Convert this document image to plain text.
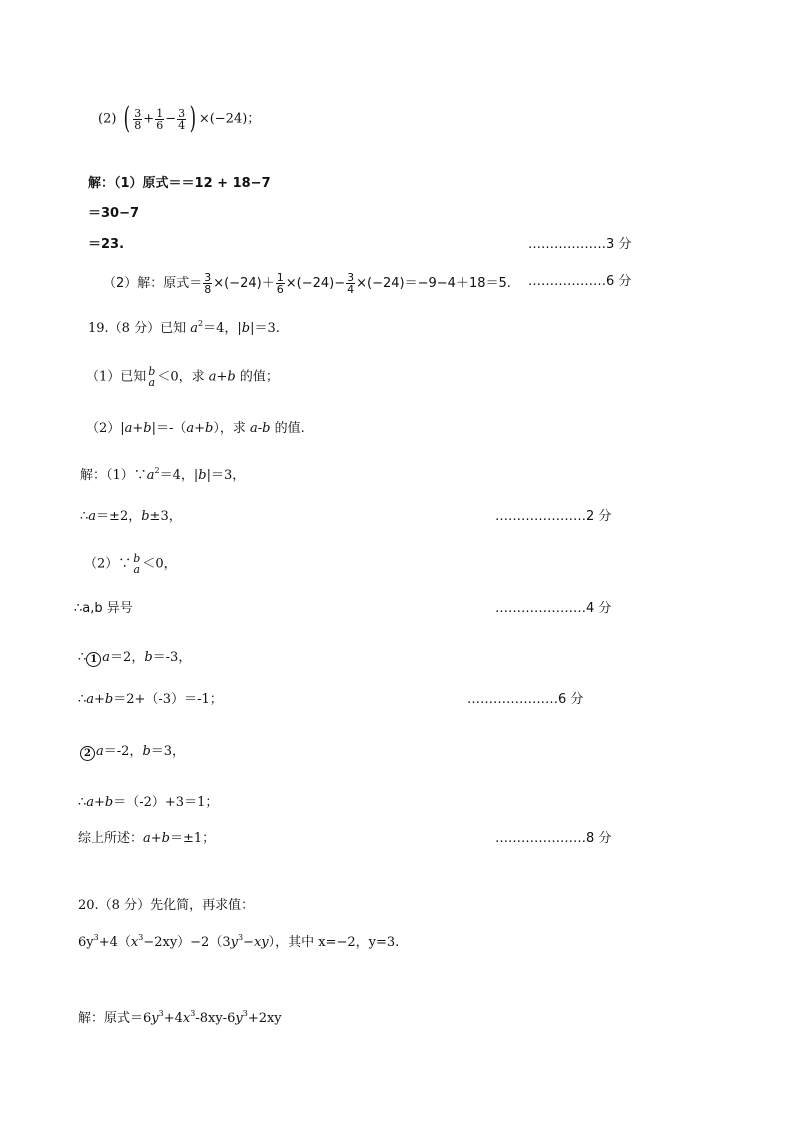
(2) ( $\frac{3}{8} + \frac{1}{6} - \frac{3}{4}$ ) ×(−24)；
解：（1）原式＝＝12 + 18−7
＝30−7
＝23.	………………3 分
（2）解：原式＝ $\frac{3}{8} \times(-24)+ \frac{1}{6} \times(-24)- \frac{3}{4} \times(-24)=-9-4+18=5$. ………………6 分
19.（8 分）已知 $a^2=4$，|b|＝3.
（1）已知 b
a ＜0，求 a+b 的值；
（2）|a+b|＝-（a+b），求 a-b 的值.
解：$(1)\because a^2=4$，|b|＝3，
∴a＝±2，b±3，	…………………2 分
（2）∵ b
a ＜0，
∴a,b 异号	…………………4 分
∴ 1 a＝2，b＝-3，
∴a+b＝2+（-3）＝-1；	…………………6 分
2 a＝-2，b＝3，
∴a+b＝（-2）+3＝1；
综上所述：a+b＝±1；	…………………8 分
20.（8 分）先化简，再求值：
$6y^3+4(x^3-2xy)-2(3y^3-xy)$，其中 x=−2，y=3.
解：原式$=6y^3+4x^3-8xy-6y^3+2xy$
